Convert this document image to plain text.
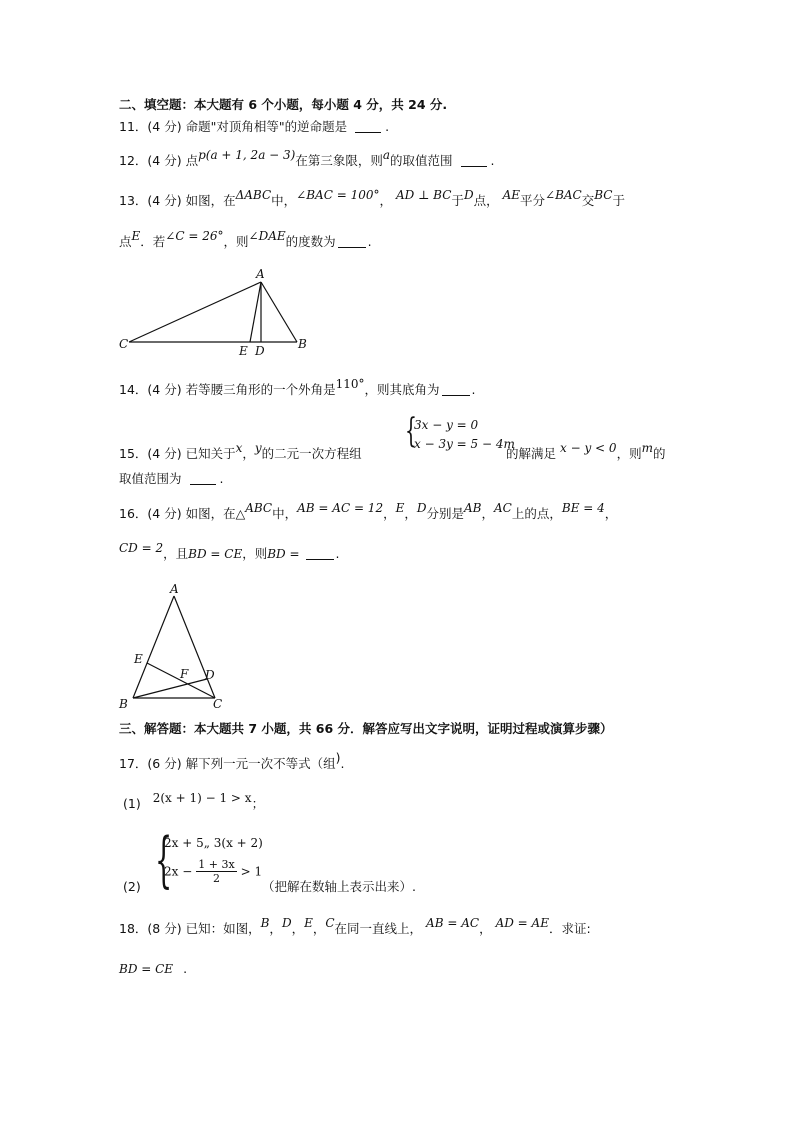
二、填空题：本大题有 6 个小题，每小题 4 分，共 24 分.
11．(4 分) 命题"对顶角相等"的逆命题是	.
12．(4 分) 点p(a + 1, 2a − 3)在第三象限，则a的取值范围	.
13．(4 分) 如图，在ΔABC中，∠BAC = 100°， AD ⊥ BC于D点， AE平分∠BAC交BC于
点E．若∠C = 26°，则∠DAE的度数为	.
A
C	B
E D
14．(4 分) 若等腰三角形的一个外角是110°，则其底角为	.
{
3x − y = 0
x − 3y = 5 − 4m
15．(4 分) 已知关于x，y的二元一次方程组	的解满足 x − y < 0，则m的
取值范围为	.
16．(4 分) 如图，在△ABC中，AB = AC = 12，E，D分别是AB，AC上的点，BE = 4，
CD = 2，且BD = CE，则BD =	.
A
E
F D
B	C
三、解答题：本大题共 7 小题，共 66 分．解答应写出文字说明，证明过程或演算步骤）
17．(6 分) 解下列一元一次不等式（组).
(1) 2(x + 1) − 1 > x；
{
2x + 5„ 3(x + 2)
$2x - \frac{1 + 3x}{2} > 1$
(2)	（把解在数轴上表示出来）.
18．(8 分) 已知：如图，B，D，E，C在同一直线上， AB = AC， AD = AE．求证:
BD = CE .
